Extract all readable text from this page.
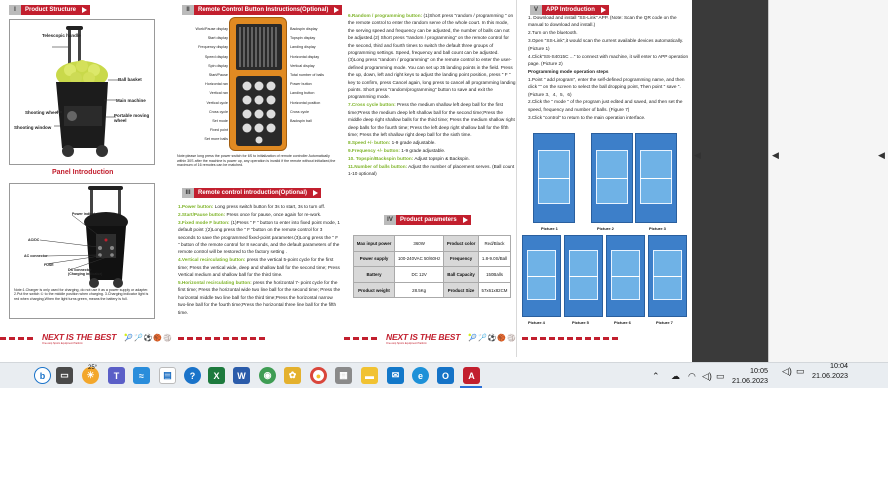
I	Product Structure
Telescopic handle
Ball basket
Main machine
Shooting wheel
Portable moving wheel
Shooting window
Panel Introduction
Power indicator
AC/DC
AC connector
FUSE
DC connector (Charging indicator)
Note:1.Charger is only used for charging, do not use it as a power supply or adapter. 2.Put the switch ① to the middle position when charging. 3.Charging indicator light is red when charging,When the light turns green, means the battery is full.
II	Remote Control Button Instructions(Optional)
Work/Pause display
Start display
Frequency display
Speed display
Spin display
Start/Pause
Horizontal ran
Vertical ran
Vertical cycle
Cross cycle
Set mode
Fixed point
Set more balls
Backspin display
Topspin display
Landing display
Horizontal display
Vertical display
Total number of balls
Power button
Landing button
Horizontal position
Cross cycle
Backspin ball
Note:please long press the power switch for 6S to initialization of remote controller Automatically within 30S after the machine is power up, any operation is invalid if the remote without initialized,the maximum of 16 remotes can be matched.
III	Remote control introduction(Optional)

1.Power button: Long press switch button for 3s to start, 3s to turn off.

2.Start/Pause button: Press once for pause, once again for re-work.

3.Fixed mode F button: (1)Press " F " button to enter into fixed point mode, 1 default point ;(2)Long press the " F "button on the remote control for 3 seconds to save the programmed fixed-point parameter.(3)Long press the " F " button of the remote control for 8 seconds, and the default parameters of the remote control will be restored to the factory setting .

4.Vertical recirculating button: press the vertical 5-point cycle for the first time; Press the vertical wide, deep and shallow ball for the second time; Press Vertical medium and shallow ball for the third time.

5.Horizontal recirculating button: press the horizontal 7- point cycle for the first time; Press the horizontal wide two line ball for the second time; Press the horizontal middle two line ball for the third time;Press the horizontal narrow two-line ball for the fourth time;Press the horizontal three line ball for the fifth time.

6.Random / programming button: (1)Short press "random / programming " on the remote control to enter the random serve of the whole court. In this mode, the serving speed and frequency can be adjusted, the number of balls can not be adjusted.(2) Short press "random / programming" on the remote control for the second, third and fourth times to switch the default three groups of programming settings. Speed, frequency and ball count can be adjusted. (3)Long press "random / programming" on the remote control to enter the user-defined programming mode. You can set up 35 landing points in the field. Press the up, down, left and right keys to adjust the landing point position, press " F " key to confirm, press Cancel again, long press to cancel all programming landing points. Short press "random/programming" button to save and exit the programming mode.

7.Cross cycle button: Press the medium shallow left deep ball for the first time;Press the medium deep left shallow ball for the second time;Press the middle deep right shallow balls for the third time; Press the medium shallow right deep balls for the fourth time; Press the left deep right shallow ball for the fifth time; Press the left shallow right deep ball for the sixth time.

8.Speed +/- button: 1-9 grade adjustable.

9.Frequency +/- button: 1-9 grade adjustable.

10. Topspin/Backspin button: Adjust topspin & Backspin.

11.Number of balls button: Adjust the number of placement serves. (Ball count 1-10 optional)

IV	Product parameters
Max input power	360W	Product color	Red/Black
Power supply	100-240VAC 50/60Hz	Frequency	1.8-9.0S/Ball
Battery	DC 12V	Ball Capacity	150Balls
Product weight	28.5Kg	Product Size	57x61x82CM
V	APP Introduction

1. Download and install "SS-Link" APP. (Note: Scan the QR code on the manual to download and install.)

2.Turn on the bluetooth.

3.Open "SS-Link",it would scan the current available devices automatically.(Picture 1)

4.Click"SS-S4015C ..." to connect with machine, it will enter to APP operation page. (Picture 2)

Programming mode operation steps

1.Point " add program", enter the self-defined programming name, and then click "" on the screen to select the ball dropping point, Then point " save ".(Picture 3、4、5、6)

2.Click the " mode " of the program just edited and saved, and then set the speed, frequency and number of balls. (Figure 7)

3.Click "control" to return to the main operation interface.

Picture 1	Picture 2	Picture 3
Picture 4	Picture 5	Picture 6	Picture 7
NEXT IS THE BEST
One-stop Sports Equipment Platform
🎾 🏸 ⚽ 🏀 🏐	NEXT IS THE BEST
One-stop Sports Equipment Platform
🎾 🏸 ⚽ 🏀 🏐
◀	◀	◀
b	▭	☀
25°
T	≈	▤	?	X	W	◉	✿	●	▦	▬	✉	e	O	A	⌃ ☁ ◠ ◁) ▭
10:05
21.06.2023
◁) ▭
10:04
21.06.2023
